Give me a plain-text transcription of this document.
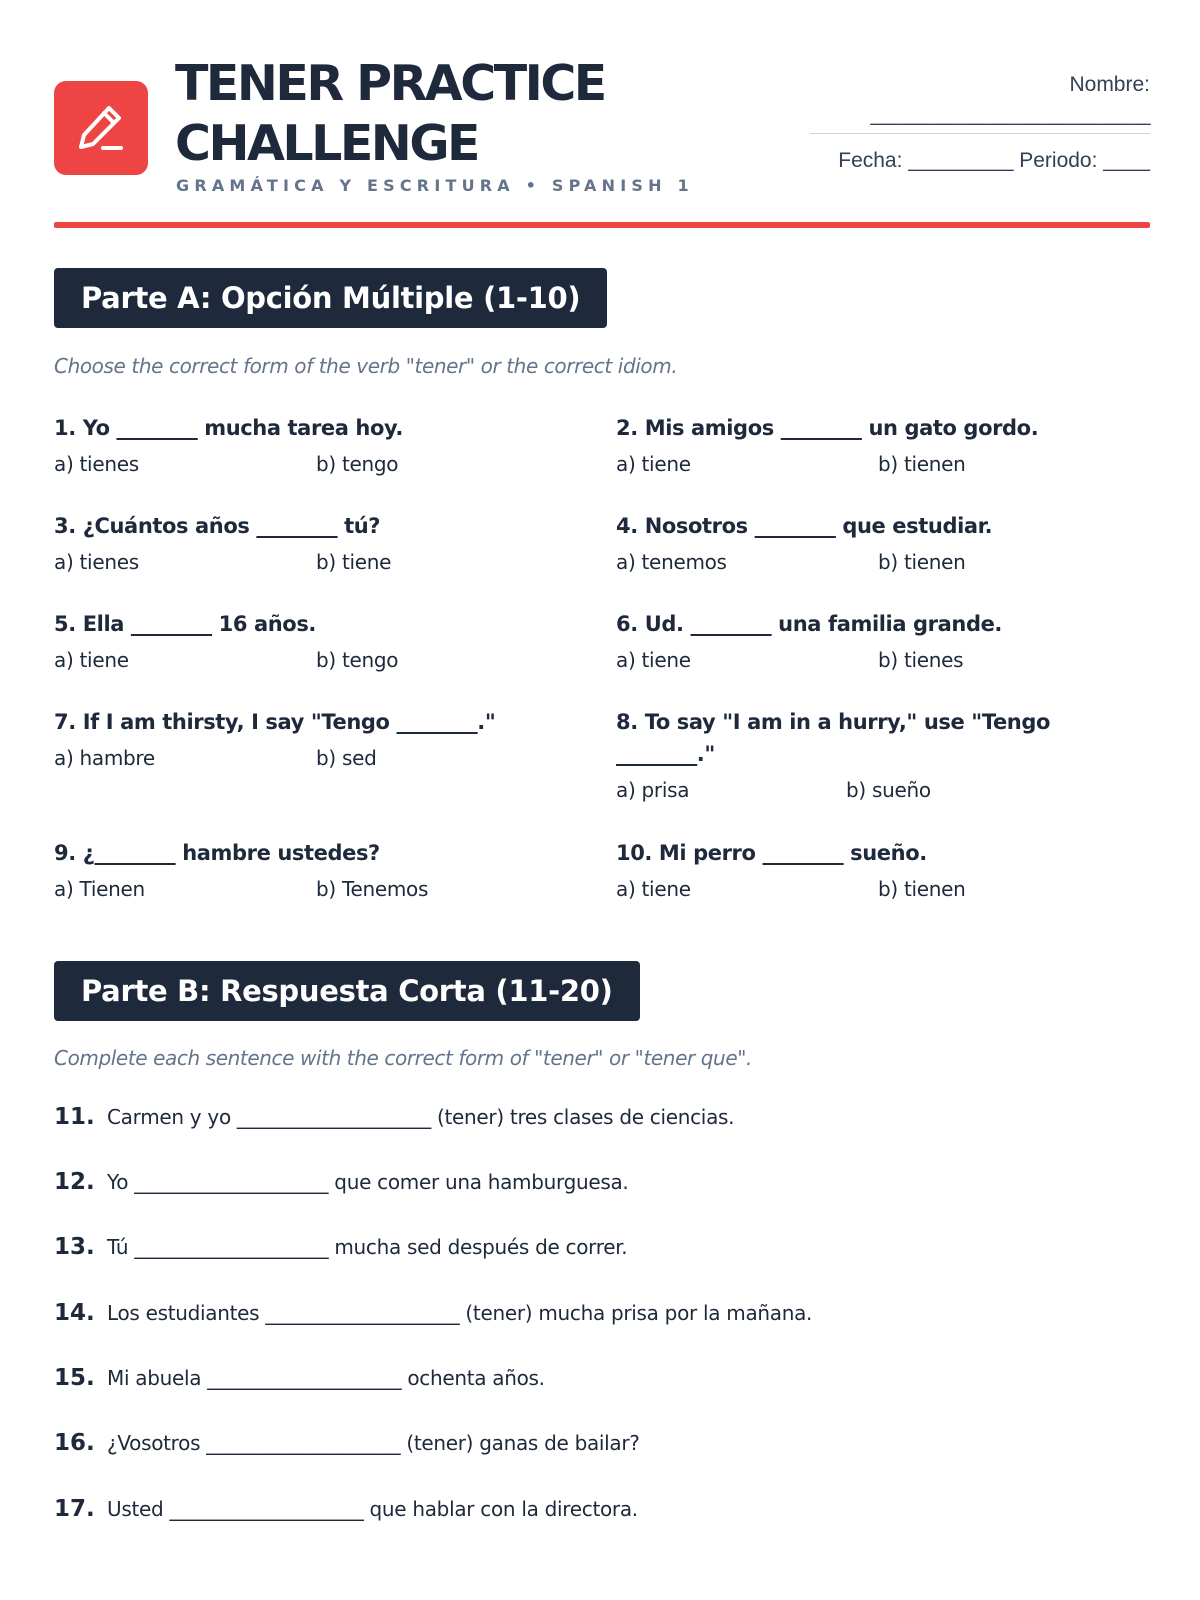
TENER PRACTICE
CHALLENGE
GRAMÁTICA Y ESCRITURA • SPANISH 1
Nombre:
_________________________
Fecha: _________ Periodo: ____
Parte A: Opción Múltiple (1-10)
Choose the correct form of the verb "tener" or the correct idiom.
1. Yo ________ mucha tarea hoy.
a) tienes	b) tengo
2. Mis amigos ________ un gato gordo.
a) tiene	b) tienen
3. ¿Cuántos años ________ tú?
a) tienes	b) tiene
4. Nosotros ________ que estudiar.
a) tenemos	b) tienen
5. Ella ________ 16 años.
a) tiene	b) tengo
6. Ud. ________ una familia grande.
a) tiene	b) tienes
7. If I am thirsty, I say "Tengo ________."
a) hambre	b) sed
8. To say "I am in a hurry," use "Tengo ________."
a) prisa	b) sueño
9. ¿________ hambre ustedes?
a) Tienen	b) Tenemos
10. Mi perro ________ sueño.
a) tiene	b) tienen
Parte B: Respuesta Corta (11-20)
Complete each sentence with the correct form of "tener" or "tener que".
11. Carmen y yo ____________________ (tener) tres clases de ciencias.
12. Yo ____________________ que comer una hamburguesa.
13. Tú ____________________ mucha sed después de correr.
14. Los estudiantes ____________________ (tener) mucha prisa por la mañana.
15. Mi abuela ____________________ ochenta años.
16. ¿Vosotros ____________________ (tener) ganas de bailar?
17. Usted ____________________ que hablar con la directora.
